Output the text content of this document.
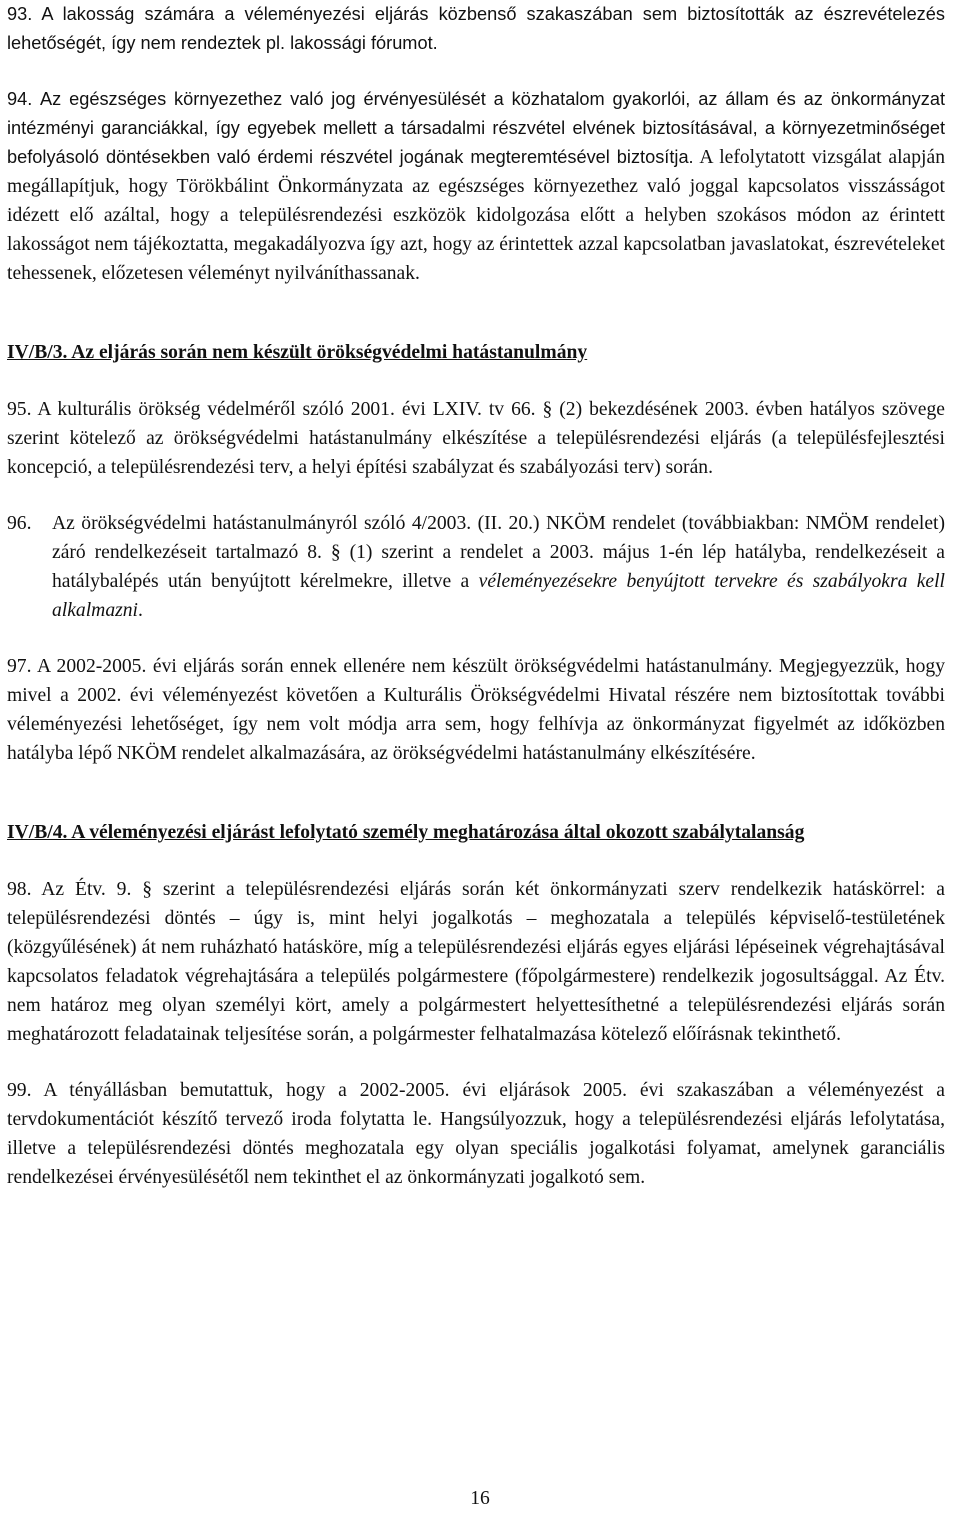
93. A lakosság számára a véleményezési eljárás közbenső szakaszában sem biztosították az észrevételezés lehetőségét, így nem rendeztek pl. lakossági fórumot.

94. Az egészséges környezethez való jog érvényesülését a közhatalom gyakorlói, az állam és az önkormányzat intézményi garanciákkal, így egyebek mellett a társadalmi részvétel elvének biztosításával, a környezetminőséget befolyásoló döntésekben való érdemi részvétel jogának megteremtésével biztosítja. A lefolytatott vizsgálat alapján megállapítjuk, hogy Törökbálint Önkormányzata az egészséges környezethez való joggal kapcsolatos visszásságot idézett elő azáltal, hogy a településrendezési eszközök kidolgozása előtt a helyben szokásos módon az érintett lakosságot nem tájékoztatta, megakadályozva így azt, hogy az érintettek azzal kapcsolatban javaslatokat, észrevételeket tehessenek, előzetesen véleményt nyilváníthassanak.

IV/B/3. Az eljárás során nem készült örökségvédelmi hatástanulmány

95. A kulturális örökség védelméről szóló 2001. évi LXIV. tv 66. § (2) bekezdésének 2003. évben hatályos szövege szerint kötelező az örökségvédelmi hatástanulmány elkészítése a településrendezési eljárás (a településfejlesztési koncepció, a településrendezési terv, a helyi építési szabályzat és szabályozási terv) során.

96. Az örökségvédelmi hatástanulmányról szóló 4/2003. (II. 20.) NKÖM rendelet (továbbiakban: NMÖM rendelet) záró rendelkezéseit tartalmazó 8. § (1) szerint a rendelet a 2003. május 1-én lép hatályba, rendelkezéseit a hatálybalépés után benyújtott kérelmekre, illetve a véleményezésekre benyújtott tervekre és szabályokra kell alkalmazni.

97. A 2002-2005. évi eljárás során ennek ellenére nem készült örökségvédelmi hatástanulmány. Megjegyezzük, hogy mivel a 2002. évi véleményezést követően a Kulturális Örökségvédelmi Hivatal részére nem biztosítottak további véleményezési lehetőséget, így nem volt módja arra sem, hogy felhívja az önkormányzat figyelmét az időközben hatályba lépő NKÖM rendelet alkalmazására, az örökségvédelmi hatástanulmány elkészítésére.

IV/B/4. A véleményezési eljárást lefolytató személy meghatározása által okozott szabálytalanság

98. Az Étv. 9. § szerint a településrendezési eljárás során két önkormányzati szerv rendelkezik hatáskörrel: a településrendezési döntés – úgy is, mint helyi jogalkotás – meghozatala a település képviselő-testületének (közgyűlésének) át nem ruházható hatásköre, míg a településrendezési eljárás egyes eljárási lépéseinek végrehajtásával kapcsolatos feladatok végrehajtására a település polgármestere (főpolgármestere) rendelkezik jogosultsággal. Az Étv. nem határoz meg olyan személyi kört, amely a polgármestert helyettesíthetné a településrendezési eljárás során meghatározott feladatainak teljesítése során, a polgármester felhatalmazása kötelező előírásnak tekinthető.

99. A tényállásban bemutattuk, hogy a 2002-2005. évi eljárások 2005. évi szakaszában a véleményezést a tervdokumentációt készítő tervező iroda folytatta le. Hangsúlyozzuk, hogy a településrendezési eljárás lefolytatása, illetve a településrendezési döntés meghozatala egy olyan speciális jogalkotási folyamat, amelynek garanciális rendelkezései érvényesülésétől nem tekinthet el az önkormányzati jogalkotó sem.

16
